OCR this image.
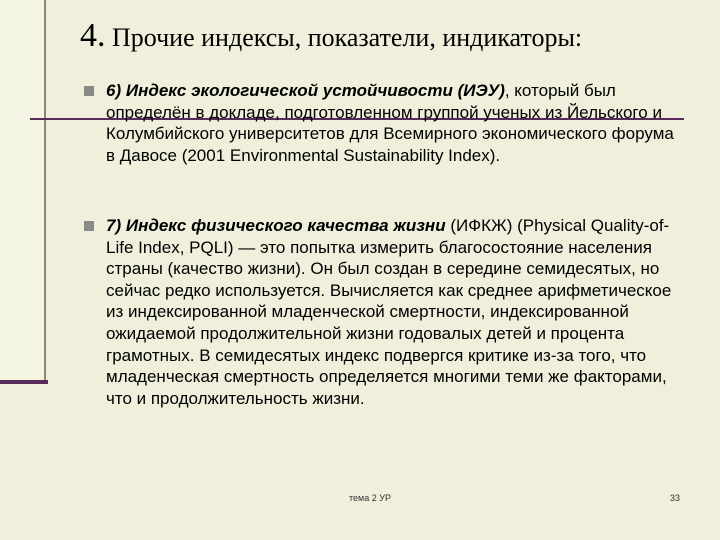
4. Прочие индексы, показатели, индикаторы:
6) Индекс экологической устойчивости (ИЭУ), который был определён в докладе, подготовленном группой ученых из Йельского и Колумбийского университетов для Всемирного экономического форума в Давосе (2001 Environmental Sustainability Index).
7) Индекс физического качества жизни (ИФКЖ) (Physical Quality-of-Life Index, PQLI) — это попытка измерить благосостояние населения страны (качество жизни). Он был создан в середине семидесятых, но сейчас редко используется. Вычисляется как среднее арифметическое из индексированной младенческой смертности, индексированной ожидаемой продолжительной жизни годовалых детей и процента грамотных. В семидесятых индекс подвергся критике из-за того, что младенческая смертность определяется многими теми же факторами, что и продолжительность жизни.
тема 2 УР	33
